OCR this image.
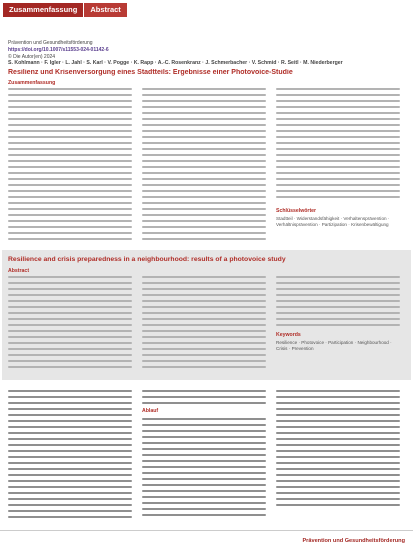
Zusammenfassung	Abstract
Prävention und Gesundheitsförderung
https://doi.org/10.1007/s11553-024-01142-6
© Die Autor(en) 2024
S. Kohlmann · F. Igler · L. Jahl · S. Karl · V. Pogge · K. Rapp · A.-C. Rosenkranz · J. Schmerbacher · V. Schmid · R. Seitl · M. Niederberger
Resilienz und Krisenversorgung eines Stadtteils: Ergebnisse einer Photovoice-Studie
Zusammenfassung
Schlüsselwörter
Stadtteil · Widerstandsfähigkeit · Verhaltensprävention · Verhältnisprävention · Partizipation · Krisenbewältigung
Resilience and crisis preparedness in a neighbourhood: results of a photovoice study
Abstract
Keywords
Resilience · Photovoice · Participation · Neighbourhood · Crisis · Prevention
Ablauf
Prävention und Gesundheitsförderung
